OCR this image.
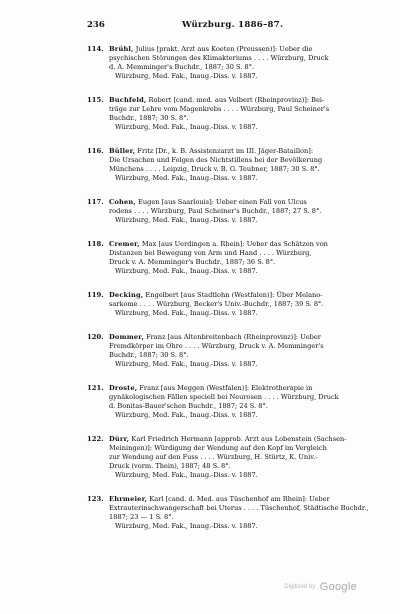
236	Würzburg. 1886–87.
114. Brühl, Julius [prakt. Arzt aus Koeten (Preussen)]: Ueber die
psychischen Störungen des Klimakteriums . . . . Würzburg, Druck
d. A. Memminger's Buchdr., 1887; 30 S. 8°.
Würzburg, Med. Fak., Inaug.-Diss. v. 1887.
115. Buchfeld, Robert [cand. med. aus Velbert (Rheinprovinz)]: Bei-
träge zur Lehre vom Magenkrebs . . . . Würzburg, Paul Scheiner's
Buchdr., 1887; 30 S. 8°.
Würzburg, Med. Fak., Inaug.-Diss. v. 1887.
116. Büller, Fritz [Dr., k. B. Assistenzarzt im III. Jäger-Bataillon]:
Die Ursachen und Folgen des Nichtstillens bei der Bevölkerung
Münchens . . . . Leipzig, Druck v. B. G. Teubner, 1887; 30 S. 8°.
Würzburg, Med. Fak., Inaug.-Diss. v. 1887.
117. Cohen, Eugen [aus Saarlouis]: Ueber einen Fall von Ulcus
rodens . . . . Würzburg, Paul Scheiner's Buchdr., 1887; 27 S. 8°.
Würzburg, Med. Fak., Inaug.-Diss. v. 1887.
118. Cremer, Max [aus Uerdingen a. Rhein]: Ueber das Schätzen von
Distanzen bei Bewegung von Arm und Hand . . . . Würzburg,
Druck v. A. Memminger's Buchdr., 1887; 36 S. 8°.
Würzburg, Med. Fak., Inaug.-Diss. v. 1887.
119. Decking, Engelbert [aus Stadtlohn (Westfalen)]: Über Melano-
sarkome . . . . Würzburg, Becker's Univ.-Buchdr., 1887; 39 S. 8°.
Würzburg, Med. Fak., Inaug.-Diss. v. 1887.
120. Dommer, Franz [aus Altenbreitenbach (Rheinprovinz)]: Ueber
Fremdkörper im Ohre . . . . Würzburg, Druck v. A. Memminger's
Buchdr., 1887; 30 S. 8°.
Würzburg, Med. Fak., Inaug.-Diss. v. 1887.
121. Droste, Franz [aus Meggen (Westfalen)]: Elektrotherapie in
gynäkologischen Fällen speciell bei Neurosen . . . . Würzburg, Druck
d. Bonitas-Bauer'schen Buchdr., 1887; 24 S. 8°.
Würzburg, Med. Fak., Inaug.-Diss. v. 1887.
122. Dürr, Karl Friedrich Hermann [approb. Arzt aus Lobenstein (Sachsen-
Meiningen)]: Würdigung der Wendung auf den Kopf im Vergleich
zur Wendung auf den Fuss . . . . Würzburg, H. Stürtz, K. Univ.-
Druck (vorm. Thein), 1887; 48 S. 8°.
Würzburg, Med. Fak., Inaug.-Diss. v. 1887.
123. Ehrmeier, Karl [cand. d. Med. aus Tüschenhof am Rhein]: Ueber
Extrauterinschwangerschaft bei Uterus . . . . Tüschenhof, Städtische Buchdr.,
1887; 23 — 1 S. 8°.
Würzburg, Med. Fak., Inaug.-Diss. v. 1887.
Digitized by Google
